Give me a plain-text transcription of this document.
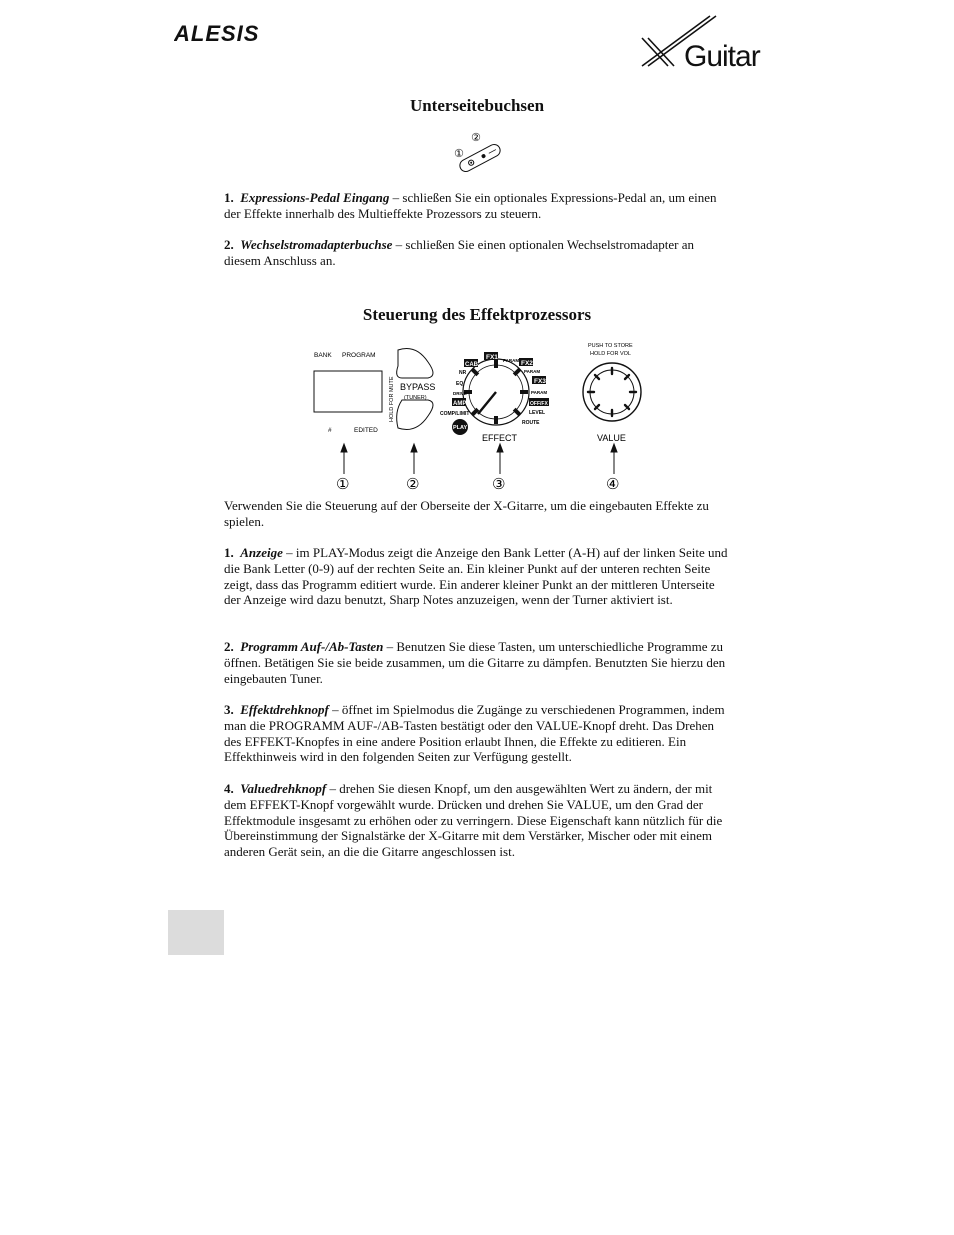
ALESIS
Guitar
Unterseitebuchsen
①
②

1. Expressions-Pedal Eingang – schließen Sie ein optionales Expressions-Pedal an, um einen der Effekte innerhalb des Multieffekte Prozessors zu steuern.

2. Wechselstromadapterbuchse – schließen Sie einen optionalen Wechselstromadapter an diesem Anschluss an.

Steuerung des Effektprozessors
BANK PROGRAM
#	EDITED
BYPASS
(TUNER)
HOLD FOR MUTE
FX1 PARAM
CAB	FX2
NR	PARAM
EQ	FX3
DRIVE	PARAM
AMP	OFF/FX
COMP/LIMIT	LEVEL
ROUTE
PLAY
EFFECT
PUSH TO STORE
HOLD FOR VOL
VALUE
①	②	③	④

Verwenden Sie die Steuerung auf der Oberseite der X-Gitarre, um die eingebauten Effekte zu spielen.

1. Anzeige – im PLAY-Modus zeigt die Anzeige den Bank Letter (A-H) auf der linken Seite und die Bank Letter (0-9) auf der rechten Seite an. Ein kleiner Punkt auf der unteren rechten Seite zeigt, dass das Programm editiert wurde. Ein anderer kleiner Punkt an der mittleren Unterseite der Anzeige wird dazu benutzt, Sharp Notes anzuzeigen, wenn der Turner aktiviert ist.

2. Programm Auf-/Ab-Tasten – Benutzen Sie diese Tasten, um unterschiedliche Programme zu öffnen. Betätigen Sie sie beide zusammen, um die Gitarre zu dämpfen. Benutzten Sie hierzu den eingebauten Tuner.

3. Effektdrehknopf – öffnet im Spielmodus die Zugänge zu verschiedenen Programmen, indem man die PROGRAMM AUF-/AB-Tasten bestätigt oder den VALUE-Knopf dreht. Das Drehen des EFFEKT-Knopfes in eine andere Position erlaubt Ihnen, die Effekte zu editieren. Ein Effekthinweis wird in den folgenden Seiten zur Verfügung gestellt.

4. Valuedrehknopf – drehen Sie diesen Knopf, um den ausgewählten Wert zu ändern, der mit dem EFFEKT-Knopf vorgewählt wurde. Drücken und drehen Sie VALUE, um den Grad der Effektmodule insgesamt zu erhöhen oder zu verringern. Diese Eigenschaft kann nützlich für die Übereinstimmung der Signalstärke der X-Gitarre mit dem Verstärker, Mischer oder mit einem anderen Gerät sein, an die die Gitarre angeschlossen ist.
